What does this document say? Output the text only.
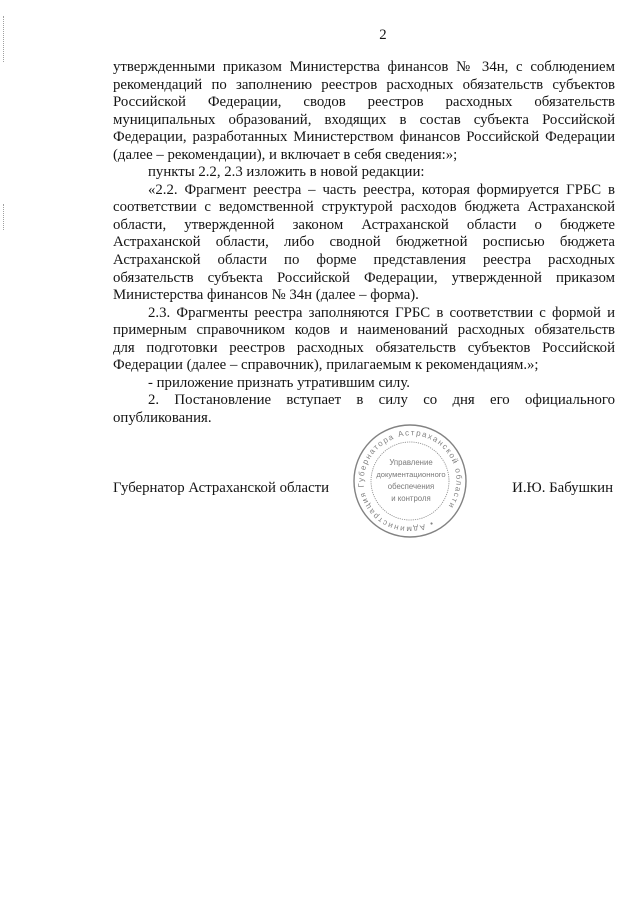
2
утвержденными приказом Министерства финансов № 34н, с соблюдением
рекомендаций по заполнению реестров расходных обязательств субъектов
Российской Федерации, сводов реестров расходных обязательств
муниципальных образований, входящих в состав субъекта Российской
Федерации, разработанных Министерством финансов Российской Федерации
(далее – рекомендации), и включает в себя сведения:»;
пункты 2.2, 2.3 изложить в новой редакции:
«2.2. Фрагмент реестра – часть реестра, которая формируется ГРБС в
соответствии с ведомственной структурой расходов бюджета Астраханской
области, утвержденной законом Астраханской области о бюджете
Астраханской области, либо сводной бюджетной росписью бюджета
Астраханской области по форме представления реестра расходных
обязательств субъекта Российской Федерации, утвержденной приказом
Министерства финансов № 34н (далее – форма).
2.3. Фрагменты реестра заполняются ГРБС в соответствии с формой и
примерным справочником кодов и наименований расходных обязательств
для подготовки реестров расходных обязательств субъектов Российской
Федерации (далее – справочник), прилагаемым к рекомендациям.»;
- приложение признать утратившим силу.
2. Постановление вступает в силу со дня его официального
опубликования.
Губернатор Астраханской области	И.Ю. Бабушкин
• Администрация Губернатора Астраханской области
Управление
документационного
обеспечения
и контроля
